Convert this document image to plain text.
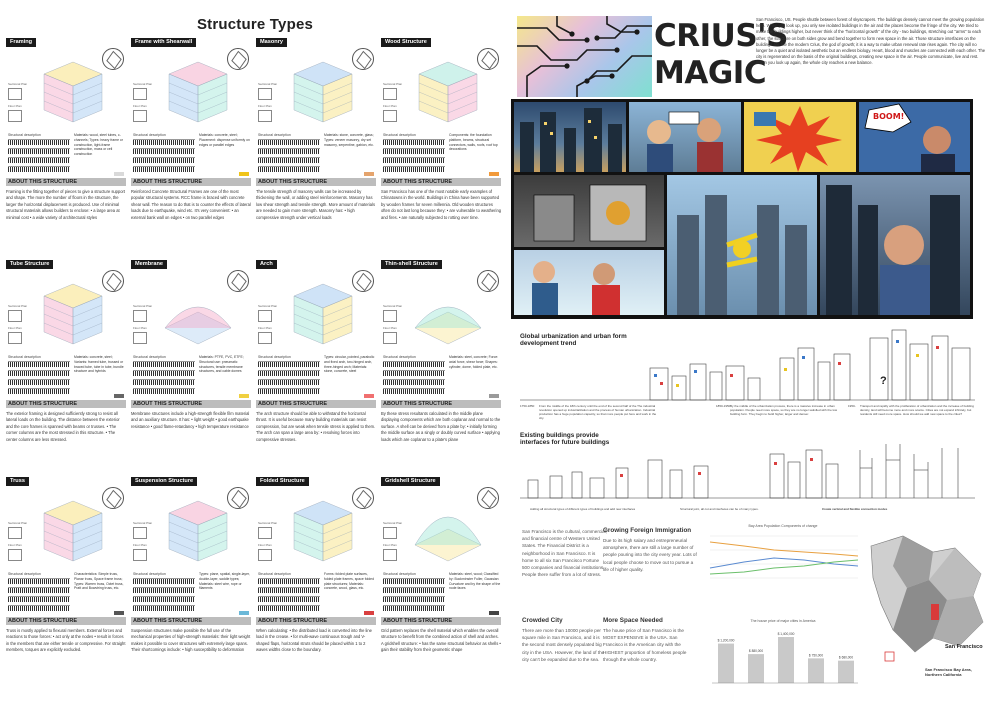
Structure Types
Framing
Sectional Plan
Floor Plan
Structural description	Materials: wood, steel tubes, c-channels; Types: heavy frame or construction, light-frame construction, mass or cell construction
ABOUT THIS STRUCTURE
Framing is the fitting together of pieces to give a structure support and shape. The more the number of floors in the structure, the larger the horizontal displacement is produced. Use of minimal structural materials allows builders to enclose: • a large area at minimal cost • a wide variety of architectural styles
Frame with Shearwall
Sectional Plan
Floor Plan
Structural description	Materials: concrete, steel; Placement: dispense uniformly on edges or parallel edges
ABOUT THIS STRUCTURE
Reinforced Concrete Structural Frames are one of the most popular structural systems. RCC frame is braced with concrete shear wall. The reason to do that is to counter the effects of lateral loads due to earthquake, wind etc. It's very convenient: • an external bank wall on edges • on two parallel edges
Masonry
Sectional Plan
Floor Plan
Structural description	Materials: stone, concrete, glass; Types: veneer masonry, dry set masonry, serpentine, gabion, etc.
ABOUT THIS STRUCTURE
The tensile strength of masonry walls can be increased by thickening the wall, or adding steel reinforcements. Masonry has low shear strength and tensile strength. More amount of materials are needed to gain more strength. Masonry has: • high compressive strength under vertical loads
Wood Structure
Sectional Plan
Floor Plan
Structural description	Components: the foundation platform, beams, structural connectors, walls, roofs, roof top decorations
ABOUT THIS STRUCTURE
San Francisco has one of the most notable early examples of Chinatowns in the world. Buildings in China have been supported by wooden frames for seven millennia. Old wooden structures often do not last long because they: • are vulnerable to weathering and fires. • are naturally subjected to rotting over time.
Tube Structure
Sectional Plan
Floor Plan
Structural description	Materials: concrete, steel; Variants: framed tube, trussed or braced tube, tube in tube, bundle structure and hybrids
ABOUT THIS STRUCTURE
The exterior framing is designed sufficiently strong to resist all lateral loads on the building. The distance between the exterior and the core frames is spanned with beams or trusses. • The corner columns are the most stressed in this structure. • The center columns are less stressed.
Membrane
Sectional Plan
Floor Plan
Structural description	Materials: PTFE, PVC, ETFE; Structural use: pneumatic structures, tensile membrane structures, and cable domes
ABOUT THIS STRUCTURE
Membrane structures include a high-strength flexible film material and an auxiliary structure. It has: • light weight • good earthquake resistance • good flame-retardancy • high temperature resistance
Arch
Sectional Plan
Floor Plan
Structural description	Types: circular, pointed, parabolic and fixed arch, two-hinged arch, three-hinged arch; Materials: stone, concrete, steel
ABOUT THIS STRUCTURE
The arch structure should be able to withstand the horizontal thrust. It is useful because many building materials can resist compression, but are weak when tensile stress is applied to them. The arch can span a large area by: • resolving forces into compressive stresses.
Thin-shell Structure
Sectional Plan
Floor Plan
Structural description	Materials: steel, concrete; Force: axial force, shear force; Shapes: cylinder, dome, folded plate, etc.
ABOUT THIS STRUCTURE
By these stress resultants calculated in the middle plane displaying components which are both coplanar and normal to the surface. A shell can be derived from a plate by: • initially forming the middle surface as a singly or doubly curved surface • applying loads which are coplanar to a plate's plane
Truss
Sectional Plan
Floor Plan
Structural description	Characteristics: Simple truss, Planar truss, Space frame truss; Types: Warren truss, Octet truss, Pratt and Bowstring truss, etc.
ABOUT THIS STRUCTURE
Truss is mostly applied to flexural members. External forces and reactions to those forces: • act only at the nodes • result in forces in the members that are either tensile or compressive. For straight members, torques are explicitly excluded.
Suspension Structure
Sectional Plan
Floor Plan
Structural description	Types: plane, spatial, single-layer, double-layer, saddle types; Materials: steel wire, rope or filaments
ABOUT THIS STRUCTURE
Suspension structures make possible the full use of the mechanical properties of high-strength materials: their light weight makes it possible to cover structures with extremely large spans. Their shortcomings include: • high susceptibility to deformation
Folded Structure
Sectional Plan
Floor Plan
Structural description	Forms: folded plate surfaces, folded plate frames, space folded plate structures; Materials: concrete, wood, glass, etc.
ABOUT THIS STRUCTURE
When calculating: • the distributed load is converted into the line load in the crease. • for multi-wave continuous trough and V-shaped flaps, horizontal struts should be placed within 1 to 2 waves widths close to the boundary.
Gridshell Structure
Sectional Plan
Floor Plan
Structural description	Materials: steel, wood; Classified by: Buckminster Fuller, Gaussian Curvature and by the shape of the node faces
ABOUT THIS STRUCTURE
Grid pattern replaces the shell material which enables the overall structure to benefit from the combined action of shell and arches. A gridshell structure: • has the same structural behavior as shells • gain their stability from their geometric shape
CRIUS'S
MAGIC
San Francisco, US. People shuttle between forest of skyscrapers. The buildings densely cannot meet the growing population here. When you look up, you only see isolated buildings in the air and the places become the fringe of the city. We tried to make the buildings higher, but never think of the "horizontal growth" of the city - two buildings, stretching out "arms" to each other, the structure on both sides grow and bend together to form new space in the air. Those structure interfaces on the buildings are like the modern Crius, the god of growth; it is a way to make urban renewal rate rises again. The city will no longer be a quiet and isolated aesthetic but an endless biology. Heart, blood and muscles are connected with each other. The city is regenerated on the basis of the original buildings, creating new space in the air. People communicate, live and rest. When you look up again, the whole city reaches a new balance.
BOOM!
Global urbanization and urban form development trend
?
1750-1850	1850-1950	1950-
From the middle of the 18th century until the end of the second half of the The industrial revolution opened up industrialization and the process of human urbanization. Industrial production has a huge population capacity, so that more people put here and work in the city.
By the middle of the urbanization process, there is a massive increase in urban population. People need more space, so they are no longer satisfied with the low building form. They begin to build higher, larger and denser.
Transport and rapidly with the proliferation of urbanization and the increase of building density, land will become more and more scarce. Cities are not expand infinitely, but residents still need more space. How should we add new space to the cities?
Existing buildings provide interfaces for future buildings
Adding all structural types of different types of buildings and add new interfaces	Structural joint, all cut and interfaces can be of many types.	Create vertical and flexible connection modes
San Francisco is the cultural, commercial, and financial centre of Western United States. The Financial District is a neighborhood in San Francisco. It is home to all six San Francisco Fortune 500 companies and financial institutions. People there suffer from a lot of stress.
Crowded City
There are more than 10000 people per square mile in San Francisco, and it is the second most densely populated big city in the USA. However, the land of the city can't be expanded due to the sea.
Growing Foreign Immigration
Due to its high salary and entrepreneurial atmosphere, there are still a large number of people pouring into the city every year. Lots of local people choose to move out to pursue a life of higher quality.
More Space Needed
The house price of San Francisco is the MOST EXPENSIVE in the USA. San Francisco is the American city with the HIGHEST proportion of homeless people through the whole country.
Bay Area Population Components of change
The house price of major cities in America
$ 1,200,000
$ 880,000
$ 1,400,000
$ 750,000
$ 680,000
San Francisco
San Francisco Bay Area, Northern California
